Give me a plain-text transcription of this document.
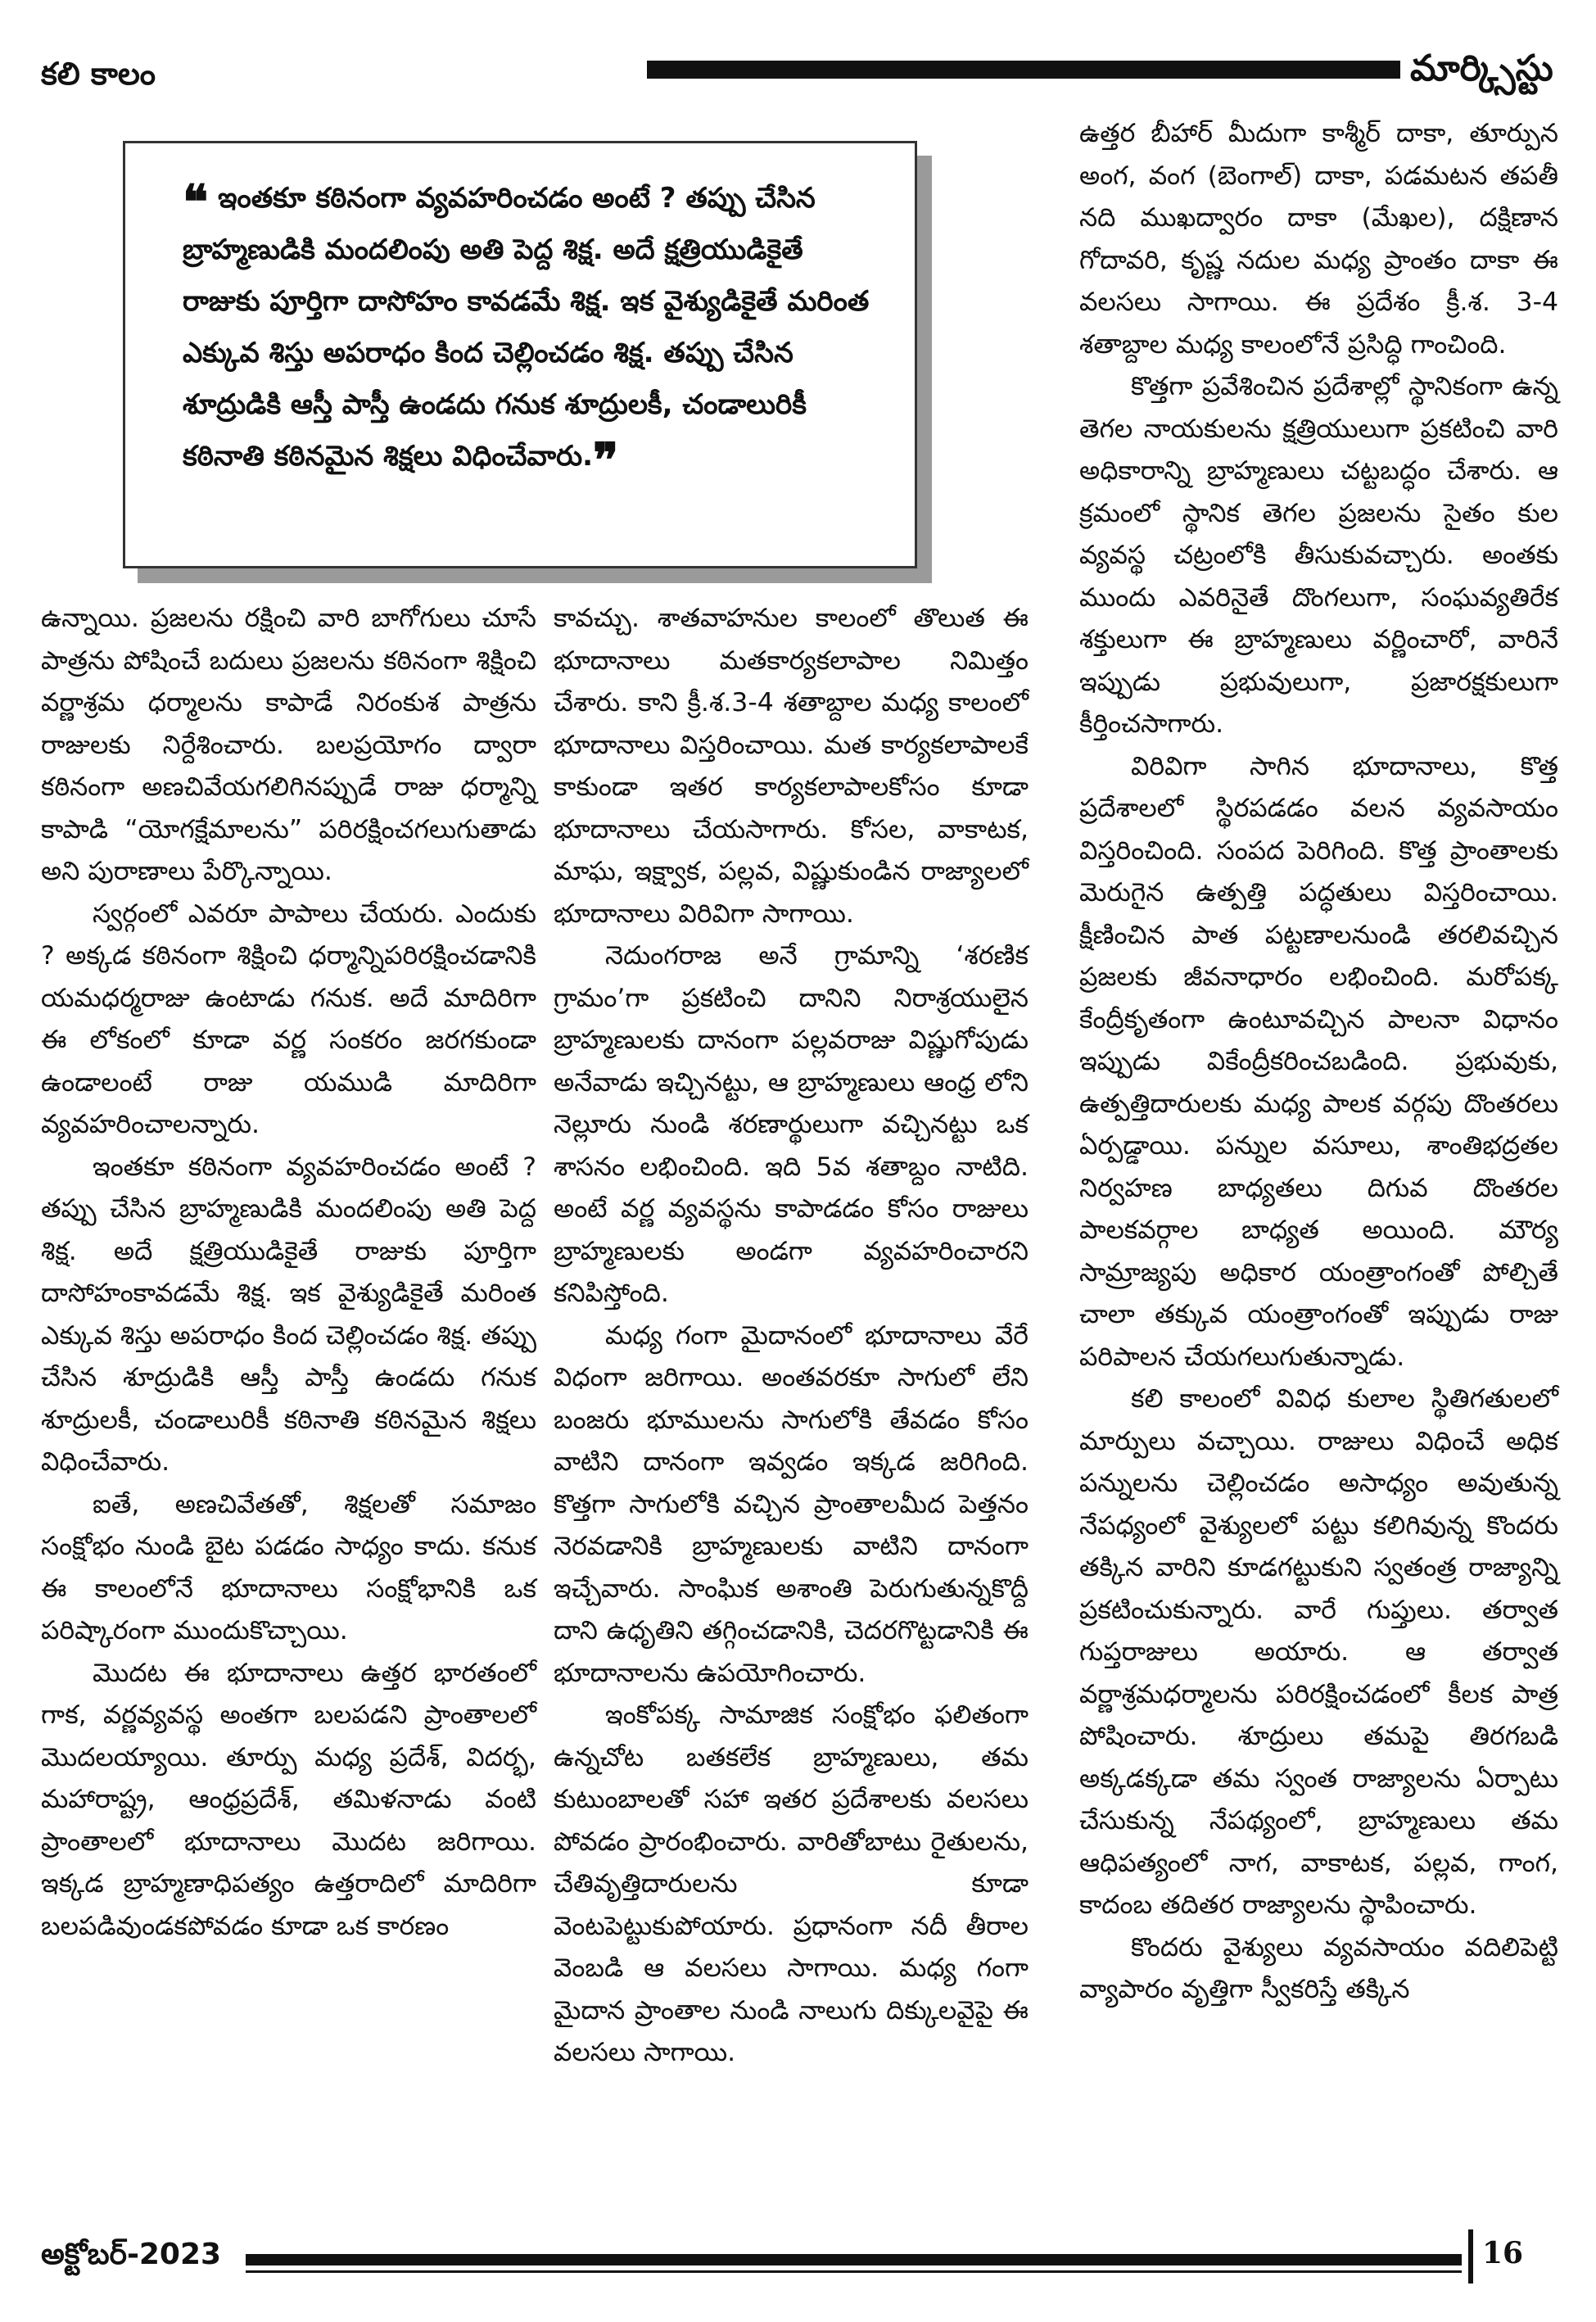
కలి కాలం	మార్క్సిస్టు
❝ ఇంతకూ కఠినంగా వ్యవహరించడం అంటే ? తప్పు చేసిన బ్రాహ్మణుడికి మందలింపు అతి పెద్ద శిక్ష. అదే క్షత్రియుడికైతే రాజుకు పూర్తిగా దాసోహం కావడమే శిక్ష. ఇక వైశ్యుడికైతే మరింత ఎక్కువ శిస్తు అపరాధం కింద చెల్లించడం శిక్ష. తప్పు చేసిన శూద్రుడికి ఆస్తీ పాస్తీ ఉండదు గనుక శూద్రులకీ, చండాలురికీ కఠినాతి కఠినమైన శిక్షలు విధించేవారు.❞

ఉన్నాయి. ప్రజలను రక్షించి వారి బాగోగులు చూసే పాత్రను పోషించే బదులు ప్రజలను కఠినంగా శిక్షించి వర్ణాశ్రమ ధర్మాలను కాపాడే నిరంకుశ పాత్రను రాజులకు నిర్దేశించారు. బలప్రయోగం ద్వారా కఠినంగా అణచివేయగలిగినప్పుడే రాజు ధర్మాన్ని కాపాడి “యోగక్షేమాలను” పరిరక్షించగలుగుతాడు అని పురాణాలు పేర్కొన్నాయి.

స్వర్గంలో ఎవరూ పాపాలు చేయరు. ఎందుకు ? అక్కడ కఠినంగా శిక్షించి ధర్మాన్నిపరిరక్షించడానికి యమధర్మరాజు ఉంటాడు గనుక. అదే మాదిరిగా ఈ లోకంలో కూడా వర్ణ సంకరం జరగకుండా ఉండాలంటే రాజు యముడి మాదిరిగా వ్యవహరించాలన్నారు.

ఇంతకూ కఠినంగా వ్యవహరించడం అంటే ? తప్పు చేసిన బ్రాహ్మణుడికి మందలింపు అతి పెద్ద శిక్ష. అదే క్షత్రియుడికైతే రాజుకు పూర్తిగా దాసోహంకావడమే శిక్ష. ఇక వైశ్యుడికైతే మరింత ఎక్కువ శిస్తు అపరాధం కింద చెల్లించడం శిక్ష. తప్పు చేసిన శూద్రుడికి ఆస్తీ పాస్తీ ఉండదు గనుక శూద్రులకీ, చండాలురికీ కఠినాతి కఠినమైన శిక్షలు విధించేవారు.

ఐతే, అణచివేతతో, శిక్షలతో సమాజం సంక్షోభం నుండి బైట పడడం సాధ్యం కాదు. కనుక ఈ కాలంలోనే భూదానాలు సంక్షోభానికి ఒక పరిష్కారంగా ముందుకొచ్చాయి.

మొదట ఈ భూదానాలు ఉత్తర భారతంలో గాక, వర్ణవ్యవస్థ అంతగా బలపడని ప్రాంతాలలో మొదలయ్యాయి. తూర్పు మధ్య ప్రదేశ్, విదర్భ, మహారాష్ట్ర, ఆంధ్రప్రదేశ్, తమిళనాడు వంటి ప్రాంతాలలో భూదానాలు మొదట జరిగాయి. ఇక్కడ బ్రాహ్మణాధిపత్యం ఉత్తరాదిలో మాదిరిగా బలపడివుండకపోవడం కూడా ఒక కారణం

కావచ్చు. శాతవాహనుల కాలంలో తొలుత ఈ భూదానాలు మతకార్యకలాపాల నిమిత్తం చేశారు. కాని క్రీ.శ.3-4 శతాబ్దాల మధ్య కాలంలో భూదానాలు విస్తరించాయి. మత కార్యకలాపాలకే కాకుండా ఇతర కార్యకలాపాలకోసం కూడా భూదానాలు చేయసాగారు. కోసల, వాకాటక, మాఘ, ఇక్ష్వాక, పల్లవ, విష్ణుకుండిన రాజ్యాలలో భూదానాలు విరివిగా సాగాయి.

నెదుంగరాజ అనే గ్రామాన్ని ‘శరణిక గ్రామం’గా ప్రకటించి దానిని నిరాశ్రయులైన బ్రాహ్మణులకు దానంగా పల్లవరాజు విష్ణుగోపుడు అనేవాడు ఇచ్చినట్టు, ఆ బ్రాహ్మణులు ఆంధ్ర లోని నెల్లూరు నుండి శరణార్థులుగా వచ్చినట్టు ఒక శాసనం లభించింది. ఇది 5వ శతాబ్దం నాటిది. అంటే వర్ణ వ్యవస్థను కాపాడడం కోసం రాజులు బ్రాహ్మణులకు అండగా వ్యవహరించారని కనిపిస్తోంది.

మధ్య గంగా మైదానంలో భూదానాలు వేరే విధంగా జరిగాయి. అంతవరకూ సాగులో లేని బంజరు భూములను సాగులోకి తేవడం కోసం వాటిని దానంగా ఇవ్వడం ఇక్కడ జరిగింది. కొత్తగా సాగులోకి వచ్చిన ప్రాంతాలమీద పెత్తనం నెరవడానికి బ్రాహ్మణులకు వాటిని దానంగా ఇచ్చేవారు. సాంఘిక అశాంతి పెరుగుతున్నకొద్దీ దాని ఉధృతిని తగ్గించడానికి, చెదరగొట్టడానికి ఈ భూదానాలను ఉపయోగించారు.

ఇంకోపక్క సామాజిక సంక్షోభం ఫలితంగా ఉన్నచోట బతకలేక బ్రాహ్మణులు, తమ కుటుంబాలతో సహా ఇతర ప్రదేశాలకు వలసలు పోవడం ప్రారంభించారు. వారితోబాటు రైతులను, చేతివృత్తిదారులను కూడా వెంటపెట్టుకుపోయారు. ప్రధానంగా నదీ తీరాల వెంబడి ఆ వలసలు సాగాయి. మధ్య గంగా మైదాన ప్రాంతాల నుండి నాలుగు దిక్కులవైపై ఈ వలసలు సాగాయి.

ఉత్తర బీహార్ మీదుగా కాశ్మీర్ దాకా, తూర్పున అంగ, వంగ (బెంగాల్) దాకా, పడమటన తపతీ నది ముఖద్వారం దాకా (మేఖల), దక్షిణాన గోదావరి, కృష్ణ నదుల మధ్య ప్రాంతం దాకా ఈ వలసలు సాగాయి. ఈ ప్రదేశం క్రీ.శ. 3-4 శతాబ్దాల మధ్య కాలంలోనే ప్రసిద్ధి గాంచింది.

కొత్తగా ప్రవేశించిన ప్రదేశాల్లో స్థానికంగా ఉన్న తెగల నాయకులను క్షత్రియులుగా ప్రకటించి వారి అధికారాన్ని బ్రాహ్మణులు చట్టబద్ధం చేశారు. ఆ క్రమంలో స్థానిక తెగల ప్రజలను సైతం కుల వ్యవస్థ చట్రంలోకి తీసుకువచ్చారు. అంతకు ముందు ఎవరినైతే దొంగలుగా, సంఘవ్యతిరేక శక్తులుగా ఈ బ్రాహ్మణులు వర్ణించారో, వారినే ఇప్పుడు ప్రభువులుగా, ప్రజారక్షకులుగా కీర్తించసాగారు.

విరివిగా సాగిన భూదానాలు, కొత్త ప్రదేశాలలో స్థిరపడడం వలన వ్యవసాయం విస్తరించింది. సంపద పెరిగింది. కొత్త ప్రాంతాలకు మెరుగైన ఉత్పత్తి పద్ధతులు విస్తరించాయి. క్షీణించిన పాత పట్టణాలనుండి తరలివచ్చిన ప్రజలకు జీవనాధారం లభించింది. మరోపక్క కేంద్రీకృతంగా ఉంటూవచ్చిన పాలనా విధానం ఇప్పుడు వికేంద్రీకరించబడింది. ప్రభువుకు, ఉత్పత్తిదారులకు మధ్య పాలక వర్గపు దొంతరలు ఏర్పడ్డాయి. పన్నుల వసూలు, శాంతిభద్రతల నిర్వహణ బాధ్యతలు దిగువ దొంతరల పాలకవర్గాల బాధ్యత అయింది. మౌర్య సామ్రాజ్యపు అధికార యంత్రాంగంతో పోల్చితే చాలా తక్కువ యంత్రాంగంతో ఇప్పుడు రాజు పరిపాలన చేయగలుగుతున్నాడు.

కలి కాలంలో వివిధ కులాల స్థితిగతులలో మార్పులు వచ్చాయి. రాజులు విధించే అధిక పన్నులను చెల్లించడం అసాధ్యం అవుతున్న నేపధ్యంలో వైశ్యులలో పట్టు కలిగివున్న కొందరు తక్కిన వారిని కూడగట్టుకుని స్వతంత్ర రాజ్యాన్ని ప్రకటించుకున్నారు. వారే గుప్తులు. తర్వాత గుప్తరాజులు అయారు. ఆ తర్వాత వర్ణాశ్రమధర్మాలను పరిరక్షించడంలో కీలక పాత్ర పోషించారు. శూద్రులు తమపై తిరగబడి అక్కడక్కడా తమ స్వంత రాజ్యాలను ఏర్పాటు చేసుకున్న నేపథ్యంలో, బ్రాహ్మణులు తమ ఆధిపత్యంలో నాగ, వాకాటక, పల్లవ, గాంగ, కాదంబ తదితర రాజ్యాలను స్థాపించారు.

కొందరు వైశ్యులు వ్యవసాయం వదిలిపెట్టి వ్యాపారం వృత్తిగా స్వీకరిస్తే తక్కిన

అక్టోబర్-2023	16
